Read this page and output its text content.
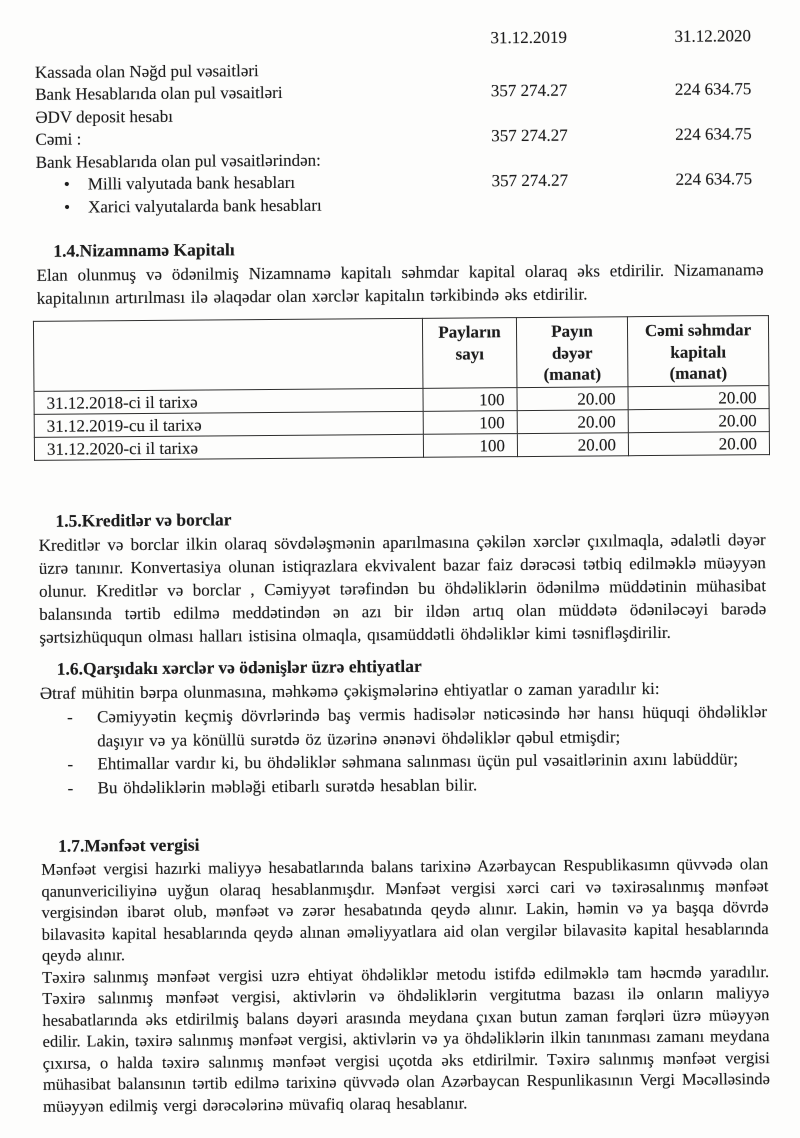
31.12.2019	31.12.2020
Kassada olan Nəğd pul vəsaitləri
Bank Hesablarıda olan pul vəsaitləri	357 274.27	224 634.75
ƏDV deposit hesabı
Cəmi :	357 274.27	224 634.75
Bank Hesablarıda olan pul vəsaitlərindən:
• Milli valyutada bank hesabları	357 274.27	224 634.75
• Xarici valyutalarda bank hesabları
1.4.Nizamnamə Kapitalı
Elan olunmuş və ödənilmiş Nizamnamə kapitalı səhmdar kapital olaraq əks etdirilir. Nizamanamə kapitalının artırılması ilə əlaqədar olan xərclər kapitalın tərkibində əks etdirilir.

Payların
sayı

Payın
dəyər
(manat)

Cəmi səhmdar
kapitalı
(manat)

31.12.2018-ci il tarixə	100	20.00	20.00
31.12.2019-cu il tarixə	100	20.00	20.00
31.12.2020-ci il tarixə	100	20.00	20.00
1.5.Kreditlər və borclar
Kreditlər və borclar ilkin olaraq sövdələşmənin aparılmasına çəkilən xərclər çıxılmaqla, ədalətli dəyər üzrə tanınır. Konvertasiya olunan istiqrazlara ekvivalent bazar faiz dərəcəsi tətbiq edilməklə müəyyən olunur. Kreditlər və borclar , Cəmiyyət tərəfindən bu öhdəliklərin ödənilmə müddətinin mühasibat balansında tərtib edilmə meddətindən ən azı bir ildən artıq olan müddətə ödəniləcəyi barədə şərtsizhüququn olması halları istisina olmaqla, qısamüddətli öhdəliklər kimi təsnifləşdirilir.
1.6.Qarşıdakı xərclər və ödənişlər üzrə ehtiyatlar
Ətraf mühitin bərpa olunmasına, məhkəmə çəkişmələrinə ehtiyatlar o zaman yaradılır ki:
-	Cəmiyyətin keçmiş dövrlərində baş vermis hadisələr nəticəsində hər hansı hüquqi öhdəliklər daşıyır və ya könüllü surətdə öz üzərinə ənənəvi öhdəliklər qəbul etmişdir;
-	Ehtimallar vardır ki, bu öhdəliklər səhmana salınması üçün pul vəsaitlərinin axını labüddür;
-	Bu öhdəliklərin məbləği etibarlı surətdə hesablan bilir.
1.7.Mənfəət vergisi

Mənfəət vergisi hazırki maliyyə hesabatlarında balans tarixinə Azərbaycan Respublikasımn qüvvədə olan qanunvericiliyinə uyğun olaraq hesablanmışdır. Mənfəət vergisi xərci cari və təxirəsalınmış mənfəət vergisindən ibarət olub, mənfəət və zərər hesabatında qeydə alınır. Lakin, həmin və ya başqa dövrdə bilavasitə kapital hesablarında qeydə alınan əməliyyatlara aid olan vergilər bilavasitə kapital hesablarında qeydə alınır.

Təxirə salınmış mənfəət vergisi uzrə ehtiyat öhdəliklər metodu istifdə edilməklə tam həcmdə yaradılır. Təxirə salınmış mənfəət vergisi, aktivlərin və öhdəliklərin vergitutma bazası ilə onların maliyyə hesabatlarında əks etdirilmiş balans dəyəri arasında meydana çıxan butun zaman fərqləri üzrə müəyyən edilir. Lakin, təxirə salınmış mənfəət vergisi, aktivlərin və ya öhdəliklərin ilkin tanınması zamanı meydana çıxırsa, o halda təxirə salınmış mənfəət vergisi uçotda əks etdirilmir. Təxirə salınmış mənfəət vergisi mühasibat balansının tərtib edilmə tarixinə qüvvədə olan Azərbaycan Respunlikasının Vergi Məcəlləsində müəyyən edilmiş vergi dərəcələrinə müvafiq olaraq hesablanır.
